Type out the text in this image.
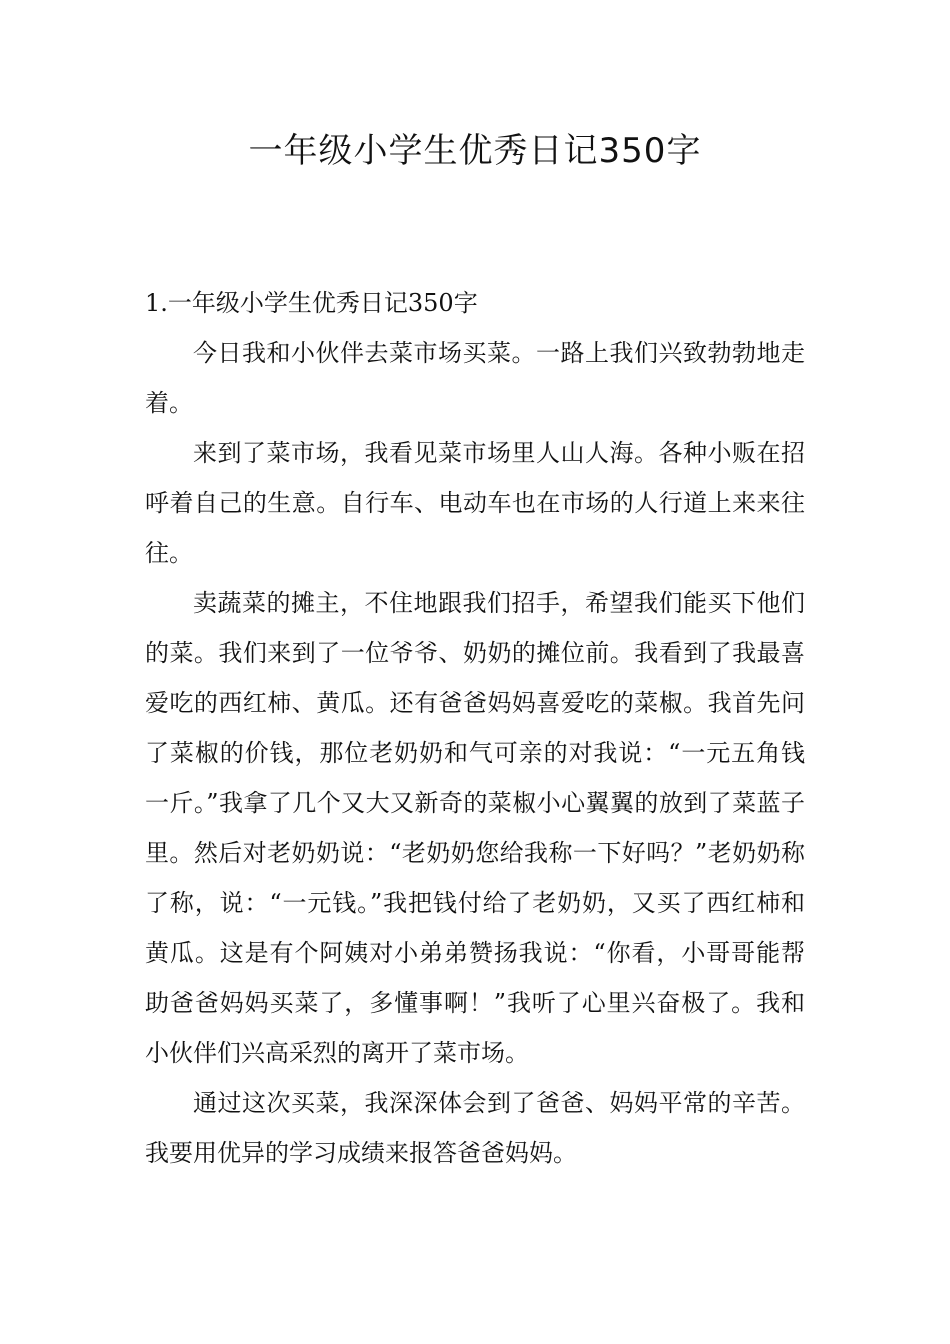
一年级小学生优秀日记350字
1.一年级小学生优秀日记350字

今日我和小伙伴去菜市场买菜。一路上我们兴致勃勃地走着。

来到了菜市场，我看见菜市场里人山人海。各种小贩在招呼着自己的生意。自行车、电动车也在市场的人行道上来来往往。

卖蔬菜的摊主，不住地跟我们招手，希望我们能买下他们的菜。我们来到了一位爷爷、奶奶的摊位前。我看到了我最喜爱吃的西红柿、黄瓜。还有爸爸妈妈喜爱吃的菜椒。我首先问了菜椒的价钱，那位老奶奶和气可亲的对我说：“一元五角钱一斤。”我拿了几个又大又新奇的菜椒小心翼翼的放到了菜蓝子里。然后对老奶奶说：“老奶奶您给我称一下好吗？”老奶奶称了称，说：“一元钱。”我把钱付给了老奶奶，又买了西红柿和黄瓜。这是有个阿姨对小弟弟赞扬我说：“你看，小哥哥能帮助爸爸妈妈买菜了，多懂事啊！”我听了心里兴奋极了。我和小伙伴们兴高采烈的离开了菜市场。

通过这次买菜，我深深体会到了爸爸、妈妈平常的辛苦。我要用优异的学习成绩来报答爸爸妈妈。
